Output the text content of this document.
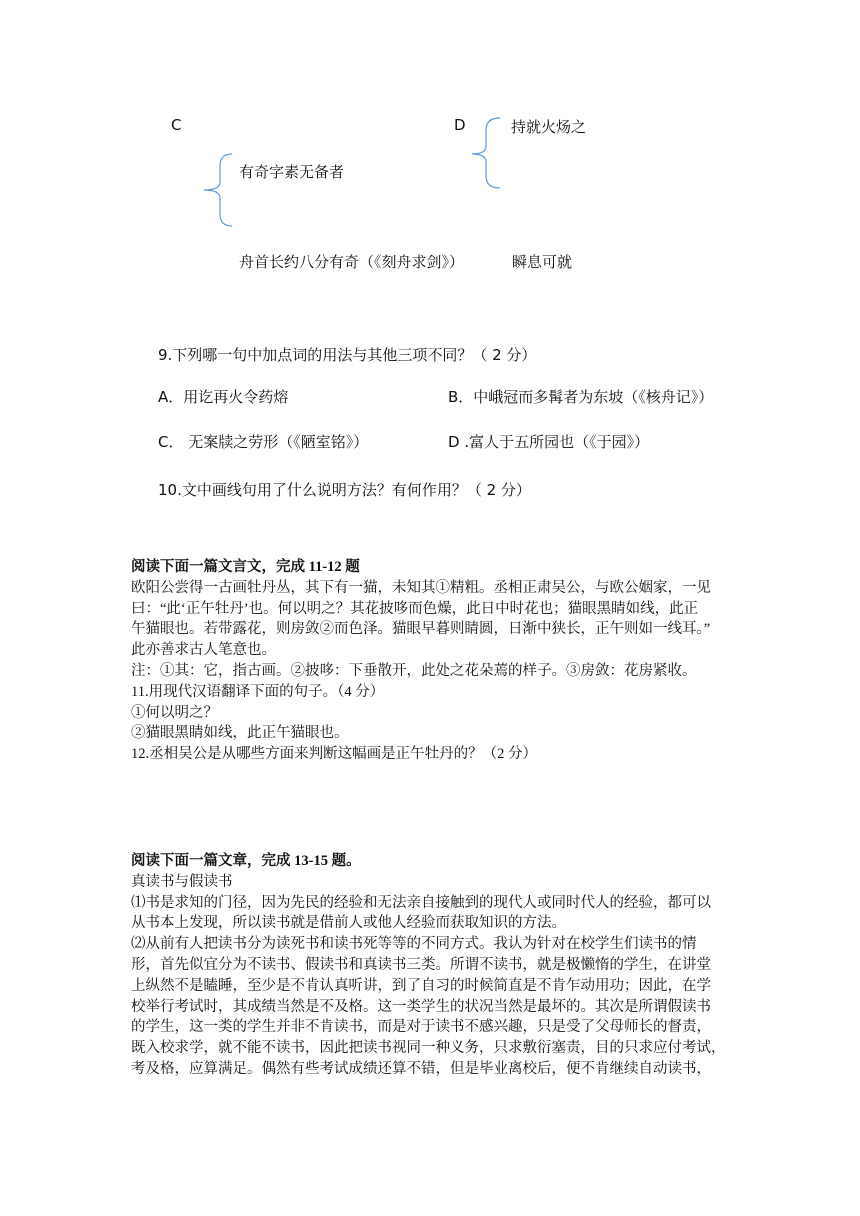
C	D	持就火炀之
有奇字素无备者
舟首长约八分有奇（《刻舟求剑》）	瞬息可就
9.下列哪一句中加点词的用法与其他三项不同？（ 2 分）
A．用讫再火令药熔	B．中峨冠而多髯者为东坡（《核舟记》）
C． 无案牍之劳形（《陋室铭》）	D .富人于五所园也（《于园》）
10.文中画线句用了什么说明方法？有何作用？（ 2 分）

阅读下面一篇文言文，完成 11-12 题

欧阳公尝得一古画牡丹丛，其下有一猫，未知其①精粗。丞相正肃吴公，与欧公姻家，一见

曰：“此‘正午牡丹’也。何以明之？其花披哆而色燥，此日中时花也；猫眼黑睛如线，此正

午猫眼也。若带露花，则房敛②而色泽。猫眼早暮则睛圆，日渐中狭长，正午则如一线耳。”

此亦善求古人笔意也。

注：①其：它，指古画。②披哆：下垂散开，此处之花朵蔫的样子。③房敛：花房紧收。

11.用现代汉语翻译下面的句子。（4 分）

①何以明之？

②猫眼黑睛如线，此正午猫眼也。

12.丞相吴公是从哪些方面来判断这幅画是正午牡丹的？（2 分）

阅读下面一篇文章，完成 13-15 题。

真读书与假读书

⑴书是求知的门径，因为先民的经验和无法亲自接触到的现代人或同时代人的经验，都可以

从书本上发现，所以读书就是借前人或他人经验而获取知识的方法。

⑵从前有人把读书分为读死书和读书死等等的不同方式。我认为针对在校学生们读书的情

形，首先似宜分为不读书、假读书和真读书三类。所谓不读书，就是极懒惰的学生，在讲堂

上纵然不是瞌睡，至少是不肯认真听讲，到了自习的时候简直是不肯乍动用功；因此，在学

校举行考试时，其成绩当然是不及格。这一类学生的状况当然是最坏的。其次是所谓假读书

的学生，这一类的学生并非不肯读书，而是对于读书不感兴趣，只是受了父母师长的督责，

既入校求学，就不能不读书，因此把读书视同一种义务，只求敷衍塞责，目的只求应付考试，

考及格，应算满足。偶然有些考试成绩还算不错，但是毕业离校后，便不肯继续自动读书，
